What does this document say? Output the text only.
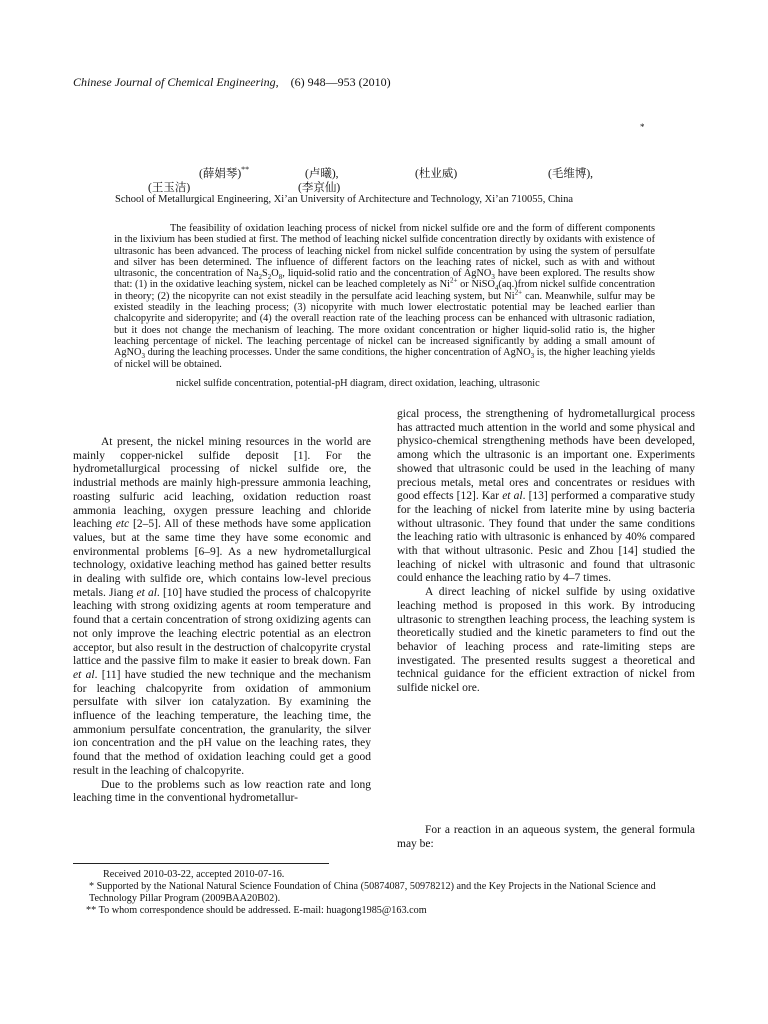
Chinese Journal of Chemical Engineering, (6) 948—953 (2010)
*
(薛娟琴)**	(卢曦),	(杜业威)	(毛维博),
(王玉洁)	(李京仙)
School of Metallurgical Engineering, Xi’an University of Architecture and Technology, Xi’an 710055, China

The feasibility of oxidation leaching process of nickel from nickel sulfide ore and the form of different components in the lixivium has been studied at first. The method of leaching nickel sulfide concentration directly by oxidants with existence of ultrasonic has been advanced. The process of leaching nickel from nickel sulfide concentration by using the system of persulfate and silver has been determined. The influence of different factors on the leaching rates of nickel, such as with and without ultrasonic, the concentration of $Na_2S_2O_8$, liquid-solid ratio and the concentration of AgNO$_3$ have been explored. The results show that: (1) in the oxidative leaching system, nickel can be leached completely as $Ni^{2+}$ or NiSO$_4$(aq.)from nickel sulfide concentration in theory; (2) the nicopyrite can not exist steadily in the persulfate acid leaching system, but $Ni^{2+}$ can. Meanwhile, sulfur may be existed steadily in the leaching process; (3) nicopyrite with much lower electrostatic potential may be leached earlier than chalcopyrite and sideropyrite; and (4) the overall reaction rate of the leaching process can be enhanced with ultrasonic radiation, but it does not change the mechanism of leaching. The more oxidant concentration or higher liquid-solid ratio is, the higher leaching percentage of nickel. The leaching percentage of nickel can be increased significantly by adding a small amount of AgNO$_3$ during the leaching processes. Under the same conditions, the higher concentration of AgNO$_3$ is, the higher leaching yields of nickel will be obtained.

nickel sulfide concentration, potential-pH diagram, direct oxidation, leaching, ultrasonic

At present, the nickel mining resources in the world are mainly copper-nickel sulfide deposit [1]. For the hydrometallurgical processing of nickel sulfide ore, the industrial methods are mainly high-pressure ammonia leaching, roasting sulfuric acid leaching, oxidation reduction roast ammonia leaching, oxygen pressure leaching and chloride leaching etc [2–5]. All of these methods have some application values, but at the same time they have some economic and environmental problems [6–9]. As a new hydrometallurgical technology, oxidative leaching method has gained better results in dealing with sulfide ore, which contains low-level precious metals. Jiang et al. [10] have studied the process of chalcopyrite leaching with strong oxidizing agents at room temperature and found that a certain concentration of strong oxidizing agents can not only improve the leaching electric potential as an electron acceptor, but also result in the destruction of chalcopyrite crystal lattice and the passive film to make it easier to break down. Fan et al. [11] have studied the new technique and the mechanism for leaching chalcopyrite from oxidation of ammonium persulfate with silver ion catalyzation. By examining the influence of the leaching temperature, the leaching time, the ammonium persulfate concentration, the granularity, the silver ion concentration and the pH value on the leaching rates, they found that the method of oxidation leaching could get a good result in the leaching of chalcopyrite.

Due to the problems such as low reaction rate and long leaching time in the conventional hydrometallur-

gical process, the strengthening of hydrometallurgical process has attracted much attention in the world and some physical and physico-chemical strengthening methods have been developed, among which the ultrasonic is an important one. Experiments showed that ultrasonic could be used in the leaching of many precious metals, metal ores and concentrates or residues with good effects [12]. Kar et al. [13] performed a comparative study for the leaching of nickel from laterite mine by using bacteria without ultrasonic. They found that under the same conditions the leaching ratio with ultrasonic is enhanced by 40% compared with that without ultrasonic. Pesic and Zhou [14] studied the leaching of nickel with ultrasonic and found that ultrasonic could enhance the leaching ratio by 4–7 times.

A direct leaching of nickel sulfide by using oxidative leaching method is proposed in this work. By introducing ultrasonic to strengthen leaching process, the leaching system is theoretically studied and the kinetic parameters to find out the behavior of leaching process and rate-limiting steps are investigated. The presented results suggest a theoretical and technical guidance for the efficient extraction of nickel from sulfide nickel ore.

For a reaction in an aqueous system, the general formula may be:

Received 2010-03-22, accepted 2010-07-16.
* Supported by the National Natural Science Foundation of China (50874087, 50978212) and the Key Projects in the National Science and Technology Pillar Program (2009BAA20B02).
** To whom correspondence should be addressed. E-mail: huagong1985@163.com
